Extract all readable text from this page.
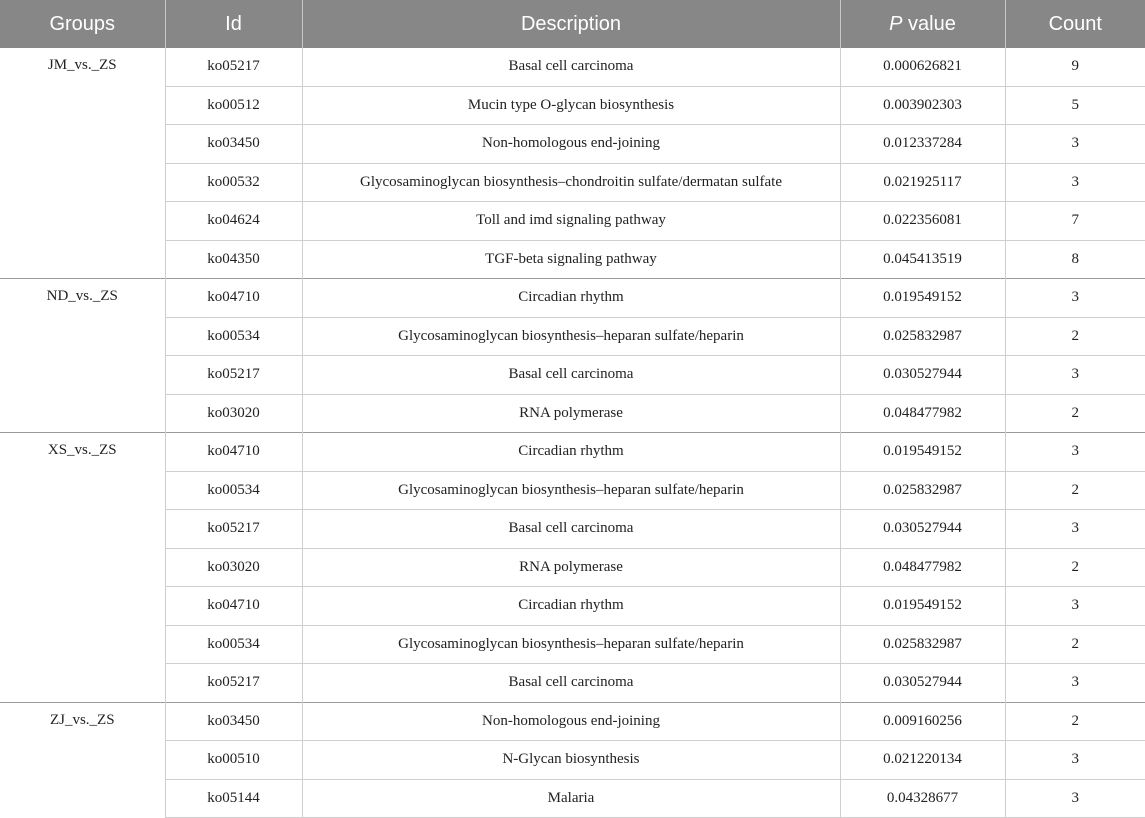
Groups	Id	Description	P value	Count
JM_vs._ZS	ko05217	Basal cell carcinoma	0.000626821	9
	ko00512	Mucin type O-glycan biosynthesis	0.003902303	5
	ko03450	Non-homologous end-joining	0.012337284	3
	ko00532	Glycosaminoglycan biosynthesis–chondroitin sulfate/dermatan sulfate	0.021925117	3
	ko04624	Toll and imd signaling pathway	0.022356081	7
	ko04350	TGF-beta signaling pathway	0.045413519	8
ND_vs._ZS	ko04710	Circadian rhythm	0.019549152	3
	ko00534	Glycosaminoglycan biosynthesis–heparan sulfate/heparin	0.025832987	2
	ko05217	Basal cell carcinoma	0.030527944	3
	ko03020	RNA polymerase	0.048477982	2
XS_vs._ZS	ko04710	Circadian rhythm	0.019549152	3
	ko00534	Glycosaminoglycan biosynthesis–heparan sulfate/heparin	0.025832987	2
	ko05217	Basal cell carcinoma	0.030527944	3
	ko03020	RNA polymerase	0.048477982	2
	ko04710	Circadian rhythm	0.019549152	3
	ko00534	Glycosaminoglycan biosynthesis–heparan sulfate/heparin	0.025832987	2
	ko05217	Basal cell carcinoma	0.030527944	3
ZJ_vs._ZS	ko03450	Non-homologous end-joining	0.009160256	2
	ko00510	N-Glycan biosynthesis	0.021220134	3
	ko05144	Malaria	0.04328677	3
